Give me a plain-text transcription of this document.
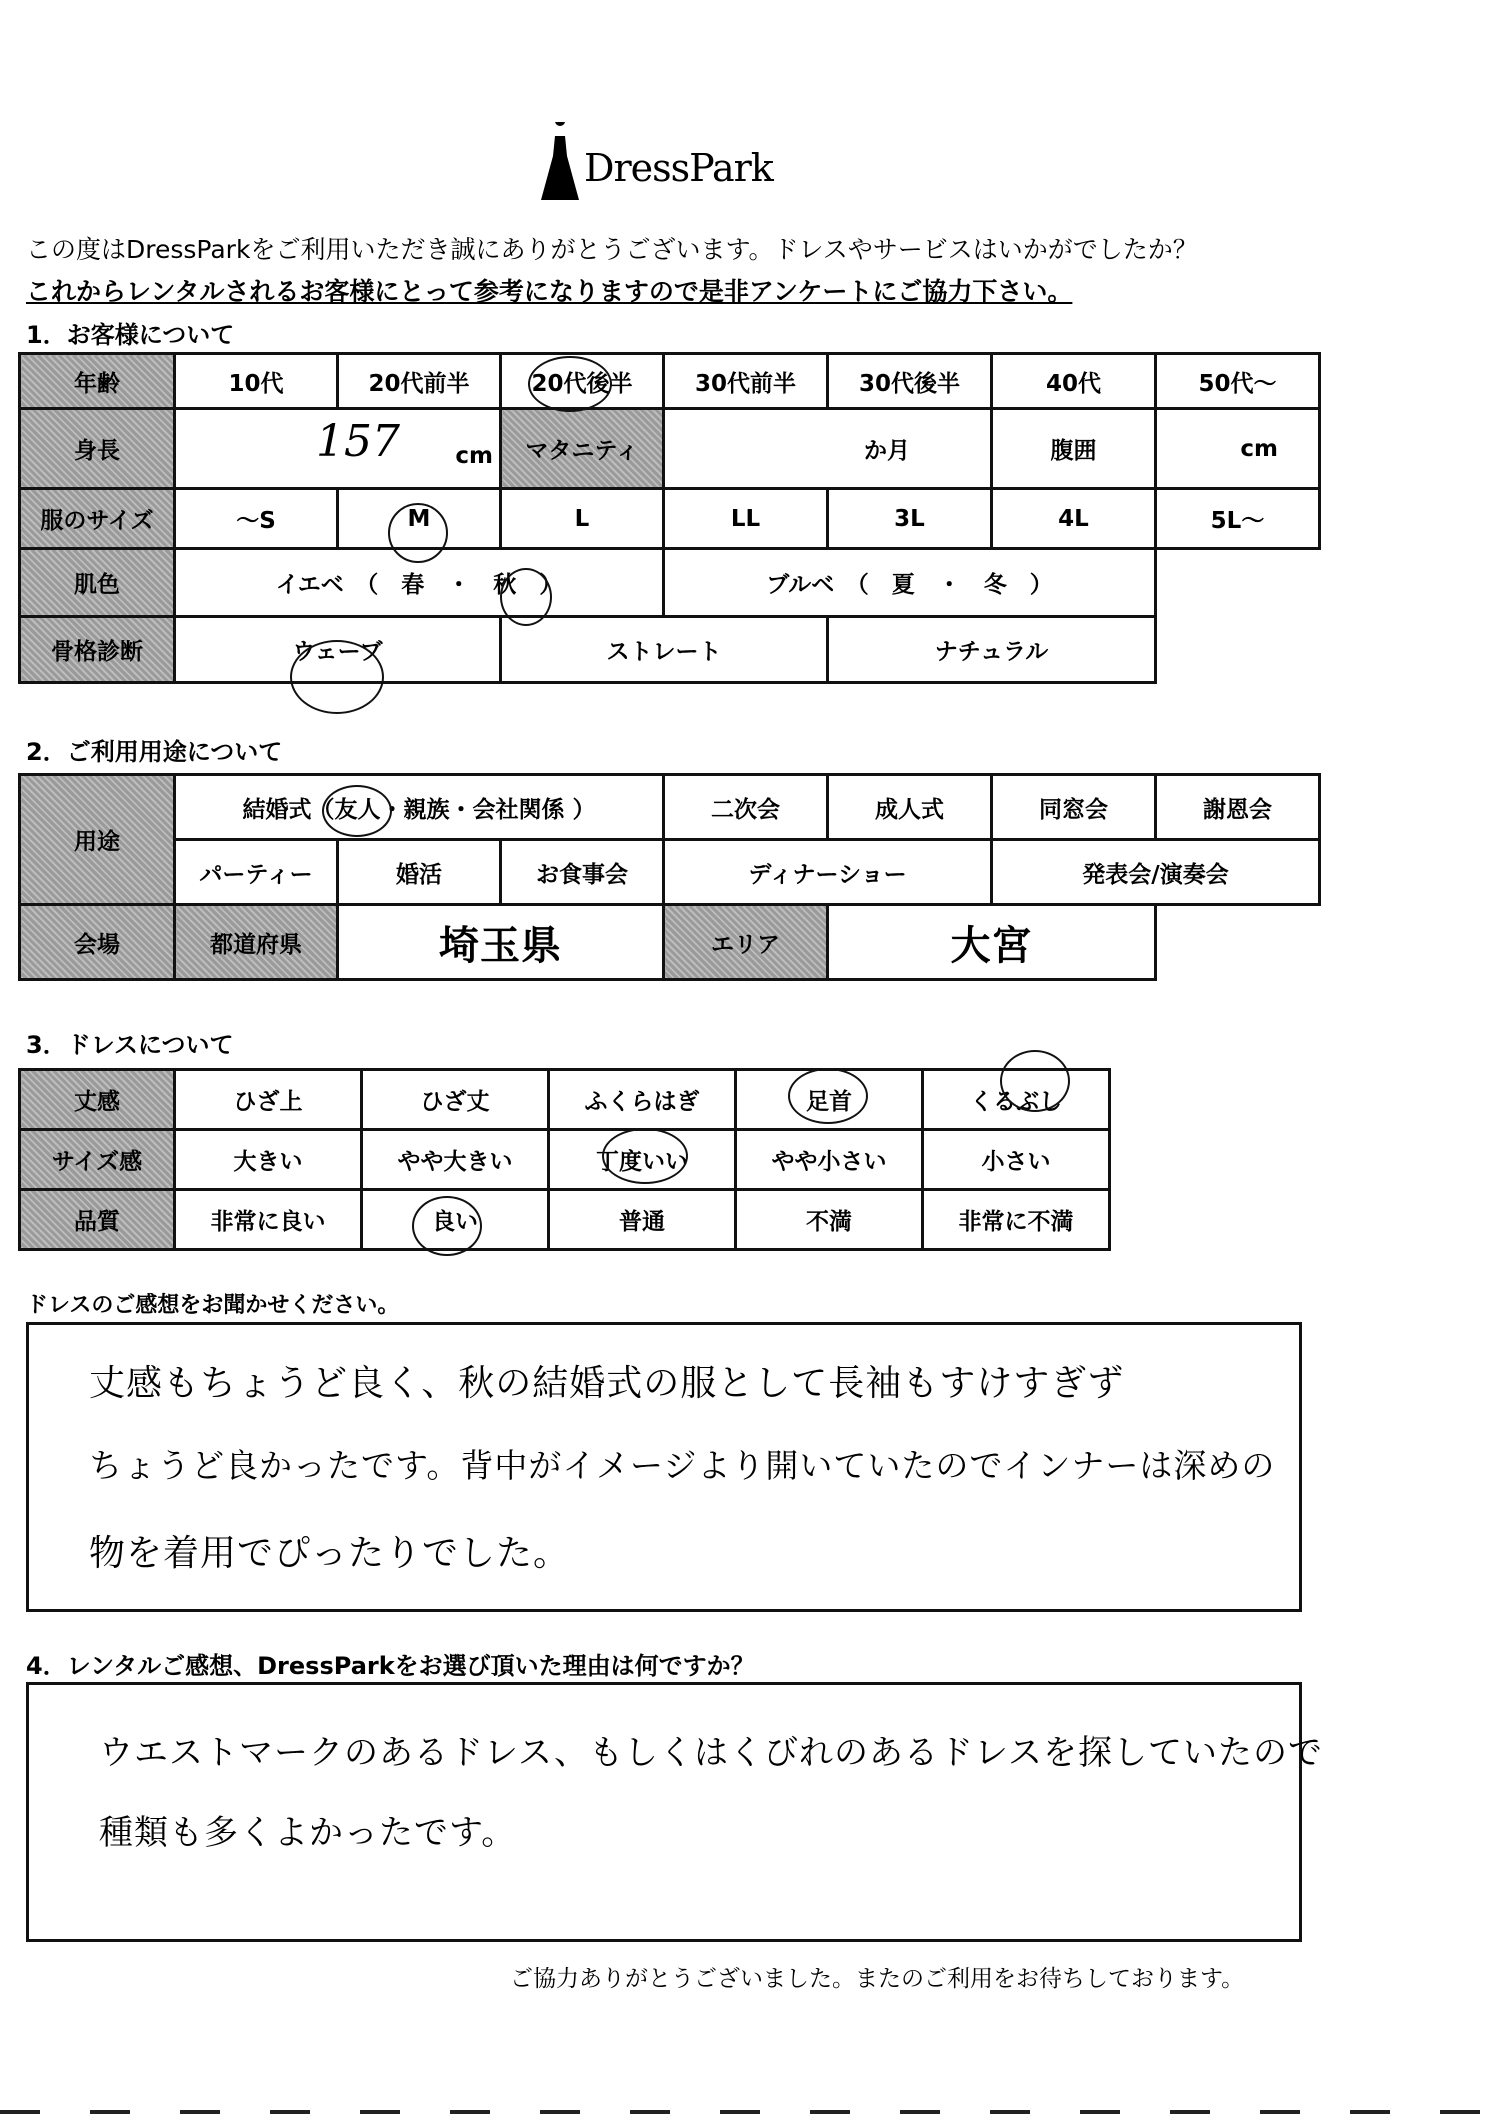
DressPark
この度はDressParkをご利用いただき誠にありがとうございます。ドレスやサービスはいかがでしたか？
これからレンタルされるお客様にとって参考になりますので是非アンケートにご協力下さい。
1．お客様について
年齢	10代	20代前半	20代後半	30代前半	30代後半	40代	50代〜
身長	157 cm		マタニティ	か月		腹囲	cm
服のサイズ	〜S	M	L	LL	3L	4L	5L〜
肌色	イエベ　（　春　・　秋　）			ブルベ　（　夏　・　冬　）			
骨格診断	ウェーブ		ストレート		ナチュラル		
2．ご利用用途について
用途	結婚式（友人・親族・会社関係 ）			二次会	成人式	同窓会	謝恩会
	パーティー	婚活	お食事会	ディナーショー		発表会/演奏会	
会場	都道府県	埼玉県		エリア	大宮		
3．ドレスについて
丈感	ひざ上	ひざ丈	ふくらはぎ	足首	くるぶし
サイズ感	大きい	やや大きい	丁度いい	やや小さい	小さい
品質	非常に良い	良い	普通	不満	非常に不満
ドレスのご感想をお聞かせください。
丈感もちょうど良く、秋の結婚式の服として長袖もすけすぎず
ちょうど良かったです。背中がイメージより開いていたのでインナーは深めの
物を着用でぴったりでした。
4．レンタルご感想、DressParkをお選び頂いた理由は何ですか？
ウエストマークのあるドレス、もしくはくびれのあるドレスを探していたので
種類も多くよかったです。
ご協力ありがとうございました。またのご利用をお待ちしております。
